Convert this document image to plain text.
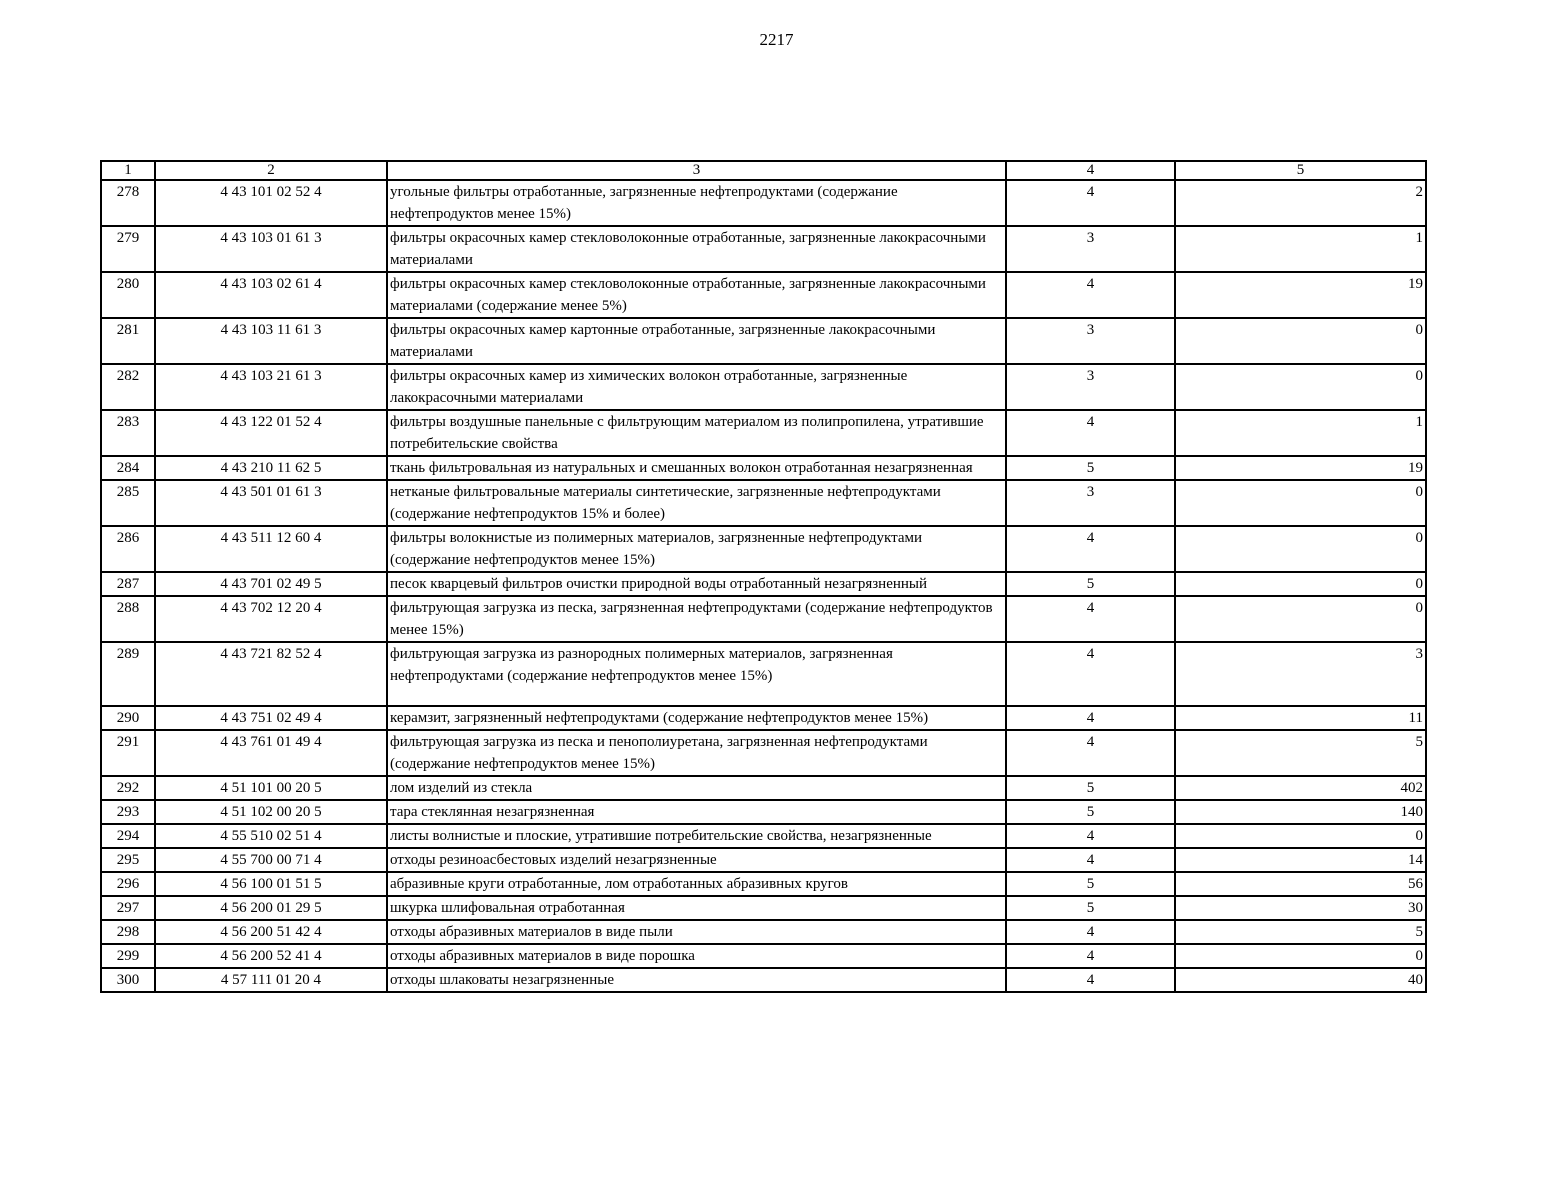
2217
1	2	3	4	5
278	4 43 101 02 52 4	угольные фильтры отработанные, загрязненные нефтепродуктами (содержание нефтепродуктов менее 15%)	4	2
279	4 43 103 01 61 3	фильтры окрасочных камер стекловолоконные отработанные, загрязненные лакокрасочными материалами	3	1
280	4 43 103 02 61 4	фильтры окрасочных камер стекловолоконные отработанные, загрязненные лакокрасочными материалами (содержание менее 5%)	4	19
281	4 43 103 11 61 3	фильтры окрасочных камер картонные отработанные, загрязненные лакокрасочными материалами	3	0
282	4 43 103 21 61 3	фильтры окрасочных камер из химических волокон отработанные, загрязненные лакокрасочными материалами	3	0
283	4 43 122 01 52 4	фильтры воздушные панельные с фильтрующим материалом из полипропилена, утратившие потребительские свойства	4	1
284	4 43 210 11 62 5	ткань фильтровальная из натуральных и смешанных волокон отработанная незагрязненная	5	19
285	4 43 501 01 61 3	нетканые фильтровальные материалы синтетические, загрязненные нефтепродуктами (содержание нефтепродуктов 15% и более)	3	0
286	4 43 511 12 60 4	фильтры волокнистые из полимерных материалов, загрязненные нефтепродуктами (содержание нефтепродуктов менее 15%)	4	0
287	4 43 701 02 49 5	песок кварцевый фильтров очистки природной воды отработанный незагрязненный	5	0
288	4 43 702 12 20 4	фильтрующая загрузка из песка, загрязненная нефтепродуктами (содержание нефтепродуктов менее 15%)	4	0
289	4 43 721 82 52 4	фильтрующая загрузка из разнородных полимерных материалов, загрязненная нефтепродуктами (содержание нефтепродуктов менее 15%)	4	3
290	4 43 751 02 49 4	керамзит, загрязненный нефтепродуктами (содержание нефтепродуктов менее 15%)	4	11
291	4 43 761 01 49 4	фильтрующая загрузка из песка и пенополиуретана, загрязненная нефтепродуктами (содержание нефтепродуктов менее 15%)	4	5
292	4 51 101 00 20 5	лом изделий из стекла	5	402
293	4 51 102 00 20 5	тара стеклянная незагрязненная	5	140
294	4 55 510 02 51 4	листы волнистые и плоские, утратившие потребительские свойства, незагрязненные	4	0
295	4 55 700 00 71 4	отходы резиноасбестовых изделий незагрязненные	4	14
296	4 56 100 01 51 5	абразивные круги отработанные, лом отработанных абразивных кругов	5	56
297	4 56 200 01 29 5	шкурка шлифовальная отработанная	5	30
298	4 56 200 51 42 4	отходы абразивных материалов в виде пыли	4	5
299	4 56 200 52 41 4	отходы абразивных материалов в виде порошка	4	0
300	4 57 111 01 20 4	отходы шлаковаты незагрязненные	4	40
